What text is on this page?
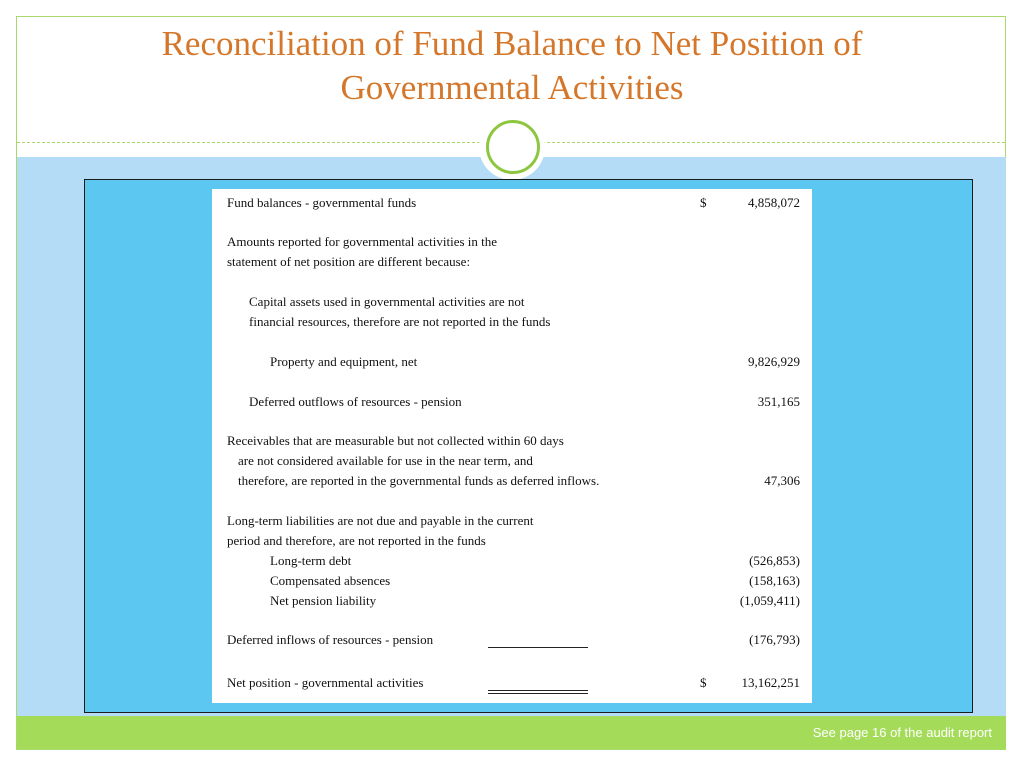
Reconciliation of Fund Balance to Net Position of
Governmental Activities
Fund balances - governmental funds	$	4,858,072
Amounts reported for governmental activities in the
statement of net position are different because:
Capital assets used in governmental activities are not
financial resources, therefore are not reported in the funds
Property and equipment, net	9,826,929
Deferred outflows of resources - pension	351,165
Receivables that are measurable but not collected within 60 days
are not considered available for use in the near term, and
therefore, are reported in the governmental funds as deferred inflows.	47,306
Long-term liabilities are not due and payable in the current
period and therefore, are not reported in the funds
Long-term debt	(526,853)
Compensated absences	(158,163)
Net pension liability	(1,059,411)
Deferred inflows of resources - pension	(176,793)
Net position - governmental activities	$	13,162,251
See page 16 of the audit report
